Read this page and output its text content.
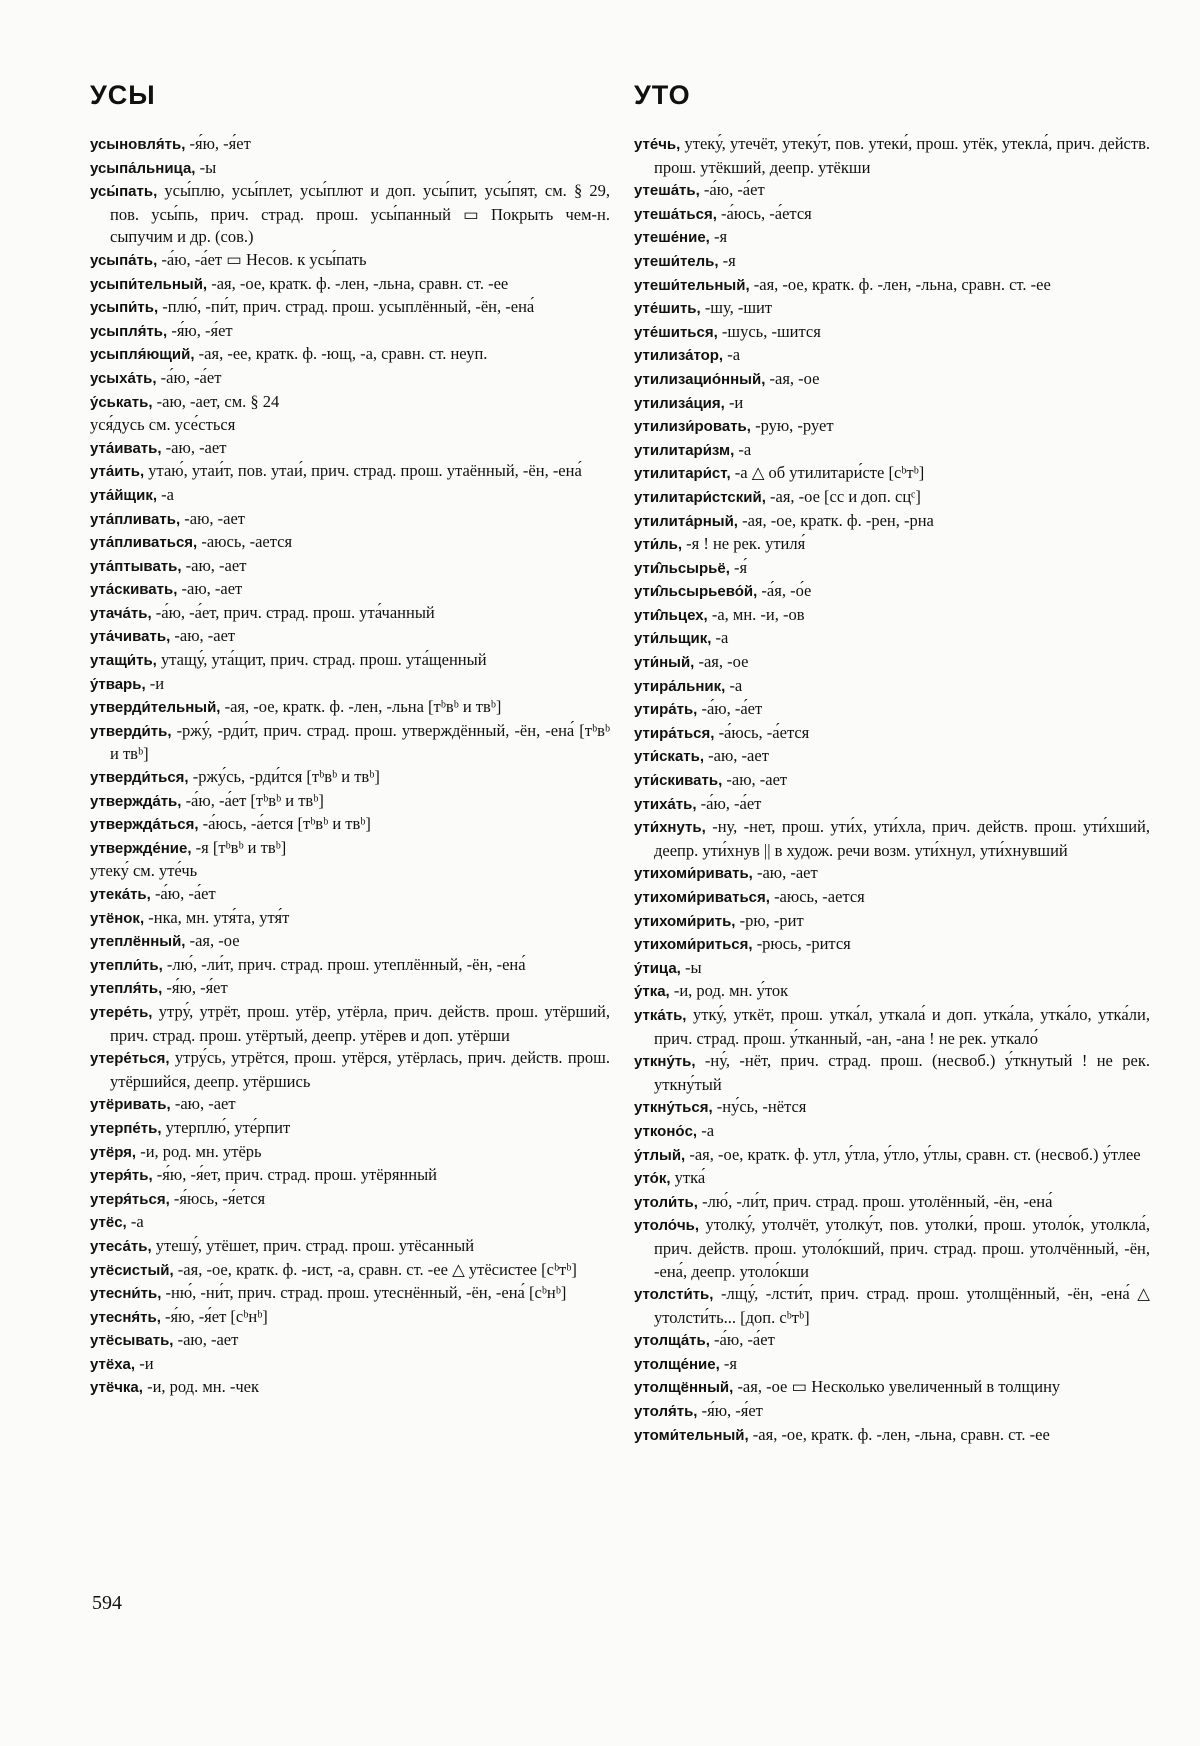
УСЫ

усыновля́ть, -я́ю, -я́ет

усыпа́льница, -ы

усы́пать, усы́плю, усы́плет, усы́плют и доп. усы́пит, усы́пят, см. § 29, пов. усы́пь, прич. страд. прош. усы́панный ▭ Покрыть чем-н. сыпучим и др. (сов.)

усыпа́ть, -а́ю, -а́ет ▭ Несов. к усы́пать

усыпи́тельный, -ая, -ое, кратк. ф. -лен, -льна, сравн. ст. -ее

усыпи́ть, -плю́, -пи́т, прич. страд. прош. усыплённый, -ён, -ена́

усыпля́ть, -я́ю, -я́ет

усыпля́ющий, -ая, -ее, кратк. ф. -ющ, -а, сравн. ст. неуп.

усыха́ть, -а́ю, -а́ет

у́ськать, -аю, -ает, см. § 24

уся́дусь см. усе́сться

ута́ивать, -аю, -ает

ута́ить, утаю́, утаи́т, пов. утаи́, прич. страд. прош. утаённый, -ён, -ена́

ута́йщик, -а

ута́пливать, -аю, -ает

ута́пливаться, -аюсь, -ается

ута́птывать, -аю, -ает

ута́скивать, -аю, -ает

утача́ть, -а́ю, -а́ет, прич. страд. прош. ута́чанный

ута́чивать, -аю, -ает

утащи́ть, утащу́, ута́щит, прич. страд. прош. ута́щенный

у́тварь, -и

утверди́тельный, -ая, -ое, кратк. ф. -лен, -льна [тᵇвᵇ и твᵇ]

утверди́ть, -ржу́, -рди́т, прич. страд. прош. утверждённый, -ён, -ена́ [тᵇвᵇ и твᵇ]

утверди́ться, -ржу́сь, -рди́тся [тᵇвᵇ и твᵇ]

утвержда́ть, -а́ю, -а́ет [тᵇвᵇ и твᵇ]

утвержда́ться, -а́юсь, -а́ется [тᵇвᵇ и твᵇ]

утвержде́ние, -я [тᵇвᵇ и твᵇ]

утеку́ см. уте́чь

утека́ть, -а́ю, -а́ет

утёнок, -нка, мн. утя́та, утя́т

утеплённый, -ая, -ое

утепли́ть, -лю́, -ли́т, прич. страд. прош. утеплённый, -ён, -ена́

утепля́ть, -я́ю, -я́ет

утере́ть, утру́, утрёт, прош. утёр, утёрла, прич. действ. прош. утёрший, прич. страд. прош. утёртый, деепр. утёрев и доп. утёрши

утере́ться, утру́сь, утрётся, прош. утёрся, утёрлась, прич. действ. прош. утёршийся, деепр. утёршись

утёривать, -аю, -ает

утерпе́ть, утерплю́, уте́рпит

утёря, -и, род. мн. утёрь

утеря́ть, -я́ю, -я́ет, прич. страд. прош. утёрянный

утеря́ться, -я́юсь, -я́ется

утёс, -а

утеса́ть, утешу́, утёшет, прич. страд. прош. утёсанный

утёсистый, -ая, -ое, кратк. ф. -ист, -а, сравн. ст. -ее △ утёсистее [сᵇтᵇ]

утесни́ть, -ню́, -ни́т, прич. страд. прош. утеснённый, -ён, -ена́ [сᵇнᵇ]

утесня́ть, -я́ю, -я́ет [сᵇнᵇ]

утёсывать, -аю, -ает

утёха, -и

утёчка, -и, род. мн. -чек

УТО

уте́чь, утеку́, утечёт, утеку́т, пов. утеки́, прош. утёк, утекла́, прич. действ. прош. утёкший, деепр. утёкши

утеша́ть, -а́ю, -а́ет

утеша́ться, -а́юсь, -а́ется

утеше́ние, -я

утеши́тель, -я

утеши́тельный, -ая, -ое, кратк. ф. -лен, -льна, сравн. ст. -ее

уте́шить, -шу, -шит

уте́шиться, -шусь, -шится

утилиза́тор, -а

утилизацио́нный, -ая, -ое

утилиза́ция, -и

утилизи́ровать, -рую, -рует

утилитари́зм, -а

утилитари́ст, -а △ об утилитари́сте [сᵇтᵇ]

утилитари́стский, -ая, -ое [сс и доп. сцᶜ]

утилита́рный, -ая, -ое, кратк. ф. -рен, -рна

ути́ль, -я ! не рек. утиля́

ути̂льсырьё, -я́

ути̂льсырьево́й, -а́я, -о́е

ути̂льцех, -а, мн. -и, -ов

ути́льщик, -а

ути́ный, -ая, -ое

утира́льник, -а

утира́ть, -а́ю, -а́ет

утира́ться, -а́юсь, -а́ется

ути́скать, -аю, -ает

ути́скивать, -аю, -ает

утиха́ть, -а́ю, -а́ет

ути́хнуть, -ну, -нет, прош. ути́х, ути́хла, прич. действ. прош. ути́хший, деепр. ути́хнув || в худож. речи возм. ути́хнул, ути́хнувший

утихоми́ривать, -аю, -ает

утихоми́риваться, -аюсь, -ается

утихоми́рить, -рю, -рит

утихоми́риться, -рюсь, -рится

у́тица, -ы

у́тка, -и, род. мн. у́ток

утка́ть, утку́, уткёт, прош. утка́л, уткала́ и доп. утка́ла, утка́ло, утка́ли, прич. страд. прош. у́тканный, -ан, -ана ! не рек. уткало́

уткну́ть, -ну́, -нёт, прич. страд. прош. (несвоб.) у́ткнутый ! не рек. уткну́тый

уткну́ться, -ну́сь, -нётся

утконо́с, -а

у́тлый, -ая, -ое, кратк. ф. утл, у́тла, у́тло, у́тлы, сравн. ст. (несвоб.) у́тлее

уто́к, утка́

утоли́ть, -лю́, -ли́т, прич. страд. прош. утолённый, -ён, -ена́

утоло́чь, утолку́, утолчёт, утолку́т, пов. утолки́, прош. утоло́к, утолкла́, прич. действ. прош. утоло́кший, прич. страд. прош. утолчённый, -ён, -ена́, деепр. утоло́кши

утолсти́ть, -лщу́, -лсти́т, прич. страд. прош. утолщённый, -ён, -ена́ △ утолсти́ть... [доп. сᵇтᵇ]

утолща́ть, -а́ю, -а́ет

утолще́ние, -я

утолщённый, -ая, -ое ▭ Несколько увеличенный в толщину

утоля́ть, -я́ю, -я́ет

утоми́тельный, -ая, -ое, кратк. ф. -лен, -льна, сравн. ст. -ее

594
